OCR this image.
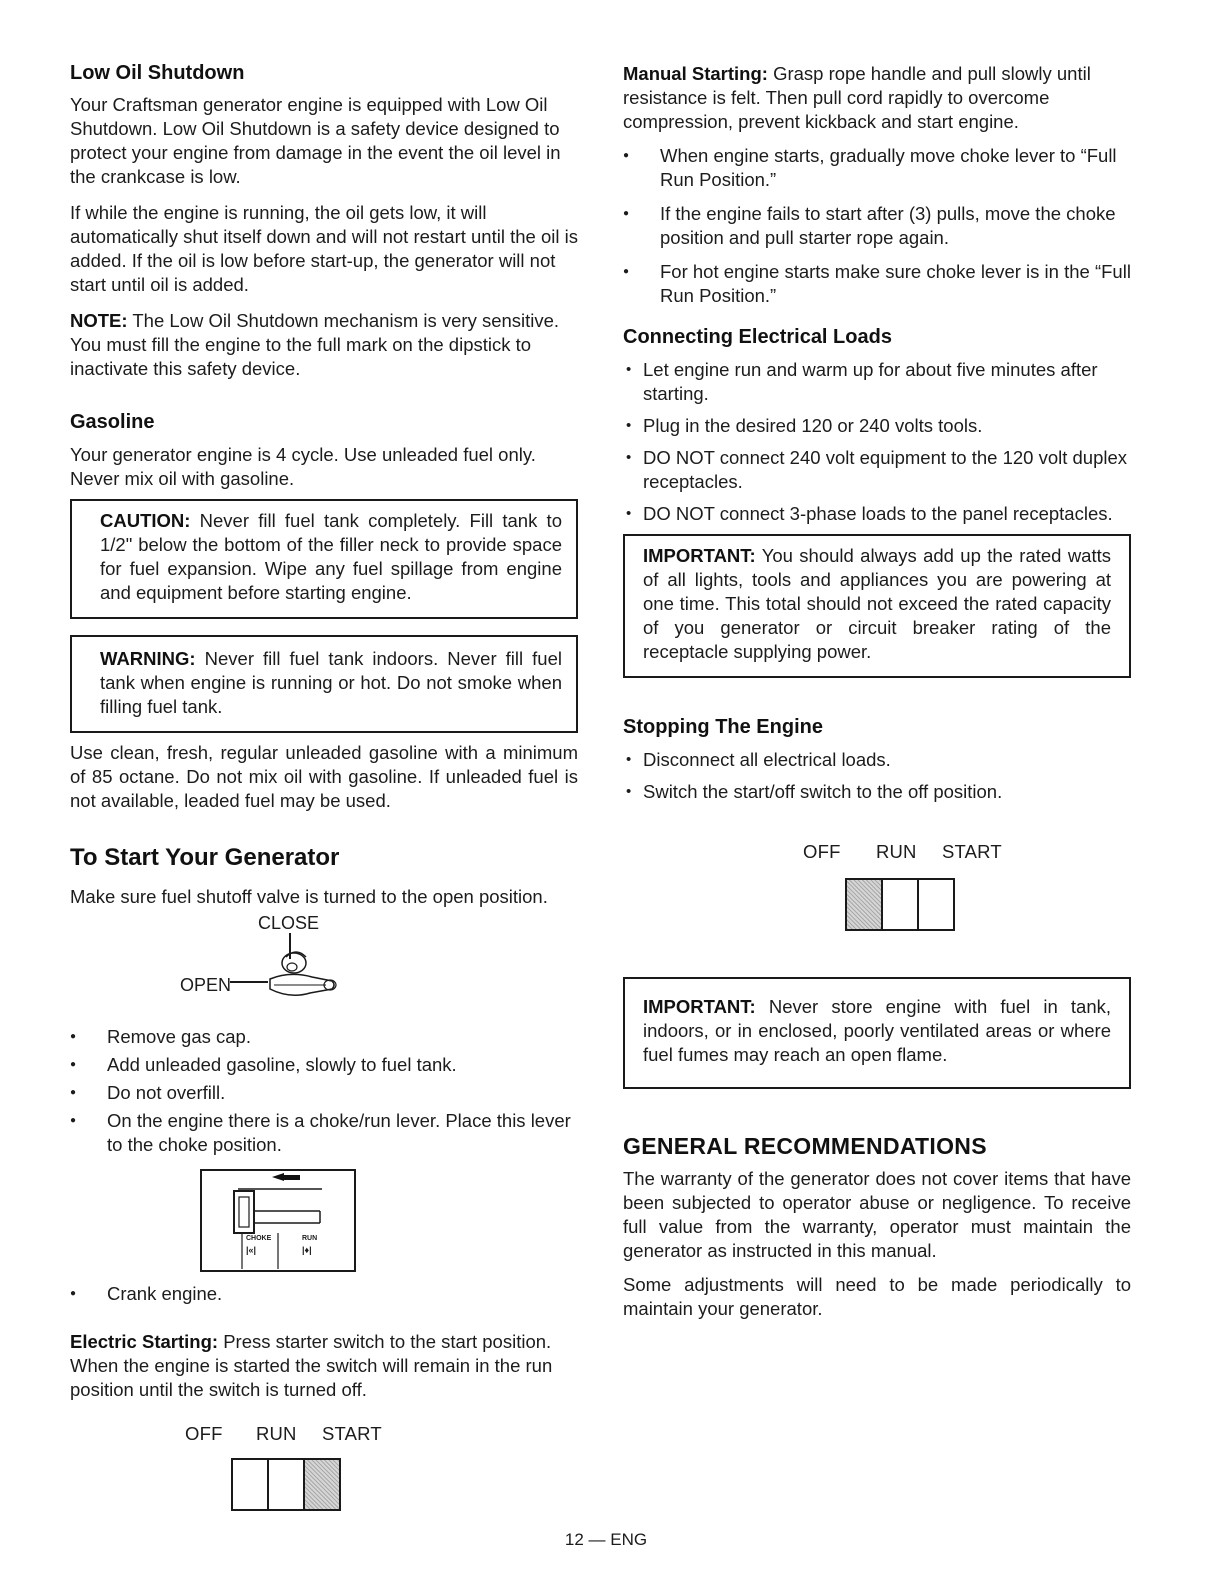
Low Oil Shutdown

Your Craftsman generator engine is equipped with Low Oil Shutdown. Low Oil Shutdown is a safety device designed to protect your engine from damage in the event the oil level in the crankcase is low.

If while the engine is running, the oil gets low, it will automatically shut itself down and will not restart until the oil is added. If the oil is low before start-up, the generator will not start until oil is added.

NOTE: The Low Oil Shutdown mechanism is very sensitive. You must fill the engine to the full mark on the dipstick to inactivate this safety device.

Gasoline

Your generator engine is 4 cycle. Use unleaded fuel only. Never mix oil with gasoline.

CAUTION: Never fill fuel tank completely. Fill tank to 1/2" below the bottom of the filler neck to provide space for fuel expansion. Wipe any fuel spillage from engine and equipment before starting engine.
WARNING: Never fill fuel tank indoors. Never fill fuel tank when engine is running or hot. Do not smoke when filling fuel tank.

Use clean, fresh, regular unleaded gasoline with a minimum of 85 octane. Do not mix oil with gasoline. If unleaded fuel is not available, leaded fuel may be used.

To Start Your Generator

Make sure fuel shutoff valve is turned to the open position.

CLOSE
OPEN
● Remove gas cap.
● Add unleaded gasoline, slowly to fuel tank.
● Do not overfill.
● On the engine there is a choke/run lever. Place this lever to the choke position.
|«|	|♦|
CHOKE	RUN
● Crank engine.

Electric Starting: Press starter switch to the start position. When the engine is started the switch will remain in the run position until the switch is turned off.

OFF RUN START

Manual Starting: Grasp rope handle and pull slowly until resistance is felt. Then pull cord rapidly to overcome compression, prevent kickback and start engine.

● When engine starts, gradually move choke lever to “Full Run Position.”
● If the engine fails to start after (3) pulls, move the choke position and pull starter rope again.
● For hot engine starts make sure choke lever is in the “Full Run Position.”
Connecting Electrical Loads
• Let engine run and warm up for about five minutes after starting.
• Plug in the desired 120 or 240 volts tools.
• DO NOT connect 240 volt equipment to the 120 volt duplex receptacles.
• DO NOT connect 3-phase loads to the panel receptacles.
IMPORTANT: You should always add up the rated watts of all lights, tools and appliances you are powering at one time. This total should not exceed the rated capacity of you generator or circuit breaker rating of the receptacle supplying power.
Stopping The Engine
• Disconnect all electrical loads.
• Switch the start/off switch to the off position.
OFF RUN START
IMPORTANT: Never store engine with fuel in tank, indoors, or in enclosed, poorly ventilated areas or where fuel fumes may reach an open flame.
GENERAL RECOMMENDATIONS

The warranty of the generator does not cover items that have been subjected to operator abuse or negligence. To receive full value from the warranty, operator must maintain the generator as instructed in this manual.

Some adjustments will need to be made periodically to maintain your generator.

12 — ENG
